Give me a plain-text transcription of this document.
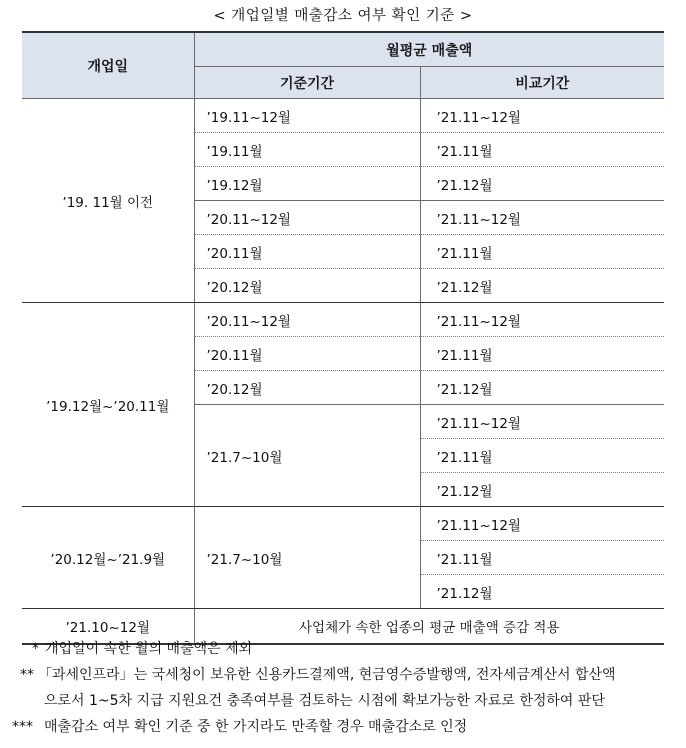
< 개업일별 매출감소 여부 확인 기준 >
개업일	월평균 매출액	
	기준기간	비교기간
’19. 11월 이전	’19.11~12월	’21.11~12월
	’19.11월	’21.11월
	’19.12월	’21.12월
	’20.11~12월	’21.11~12월
	’20.11월	’21.11월
	’20.12월	’21.12월
’19.12월~’20.11월	’20.11~12월	’21.11~12월
	’20.11월	’21.11월
	’20.12월	’21.12월
	’21.7~10월	’21.11~12월
		’21.11월
		’21.12월
’20.12월~’21.9월	’21.7~10월	’21.11~12월
		’21.11월
		’21.12월
’21.10~12월	사업체가 속한 업종의 평균 매출액 증감 적용	
* 개업일이 속한 월의 매출액은 제외
** 「과세인프라」는 국세청이 보유한 신용카드결제액, 현금영수증발행액, 전자세금계산서 합산액
으로서 1~5차 지급 지원요건 충족여부를 검토하는 시점에 확보가능한 자료로 한정하여 판단
*** 매출감소 여부 확인 기준 중 한 가지라도 만족할 경우 매출감소로 인정
